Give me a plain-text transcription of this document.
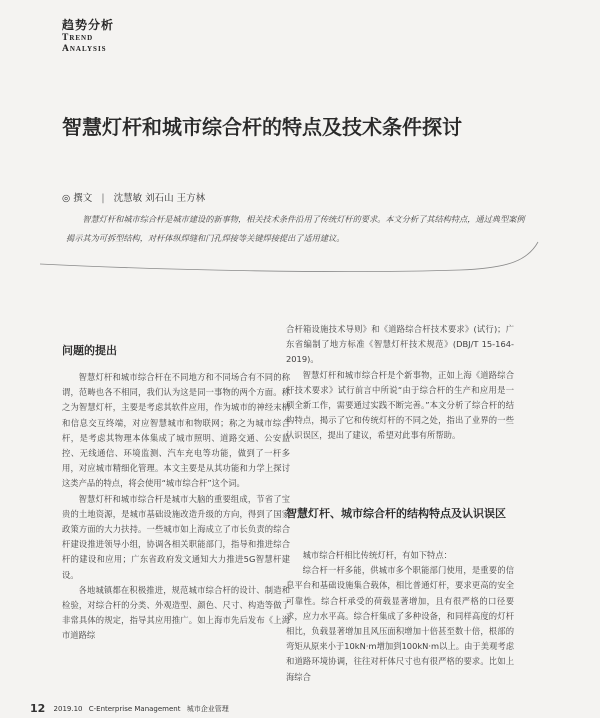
趋势分析
Trend
Analysis
智慧灯杆和城市综合杆的特点及技术条件探讨
◎ 撰文 | 沈慧敏 刘石山 王方林

智慧灯杆和城市综合杆是城市建设的新事物，相关技术条件沿用了传统灯杆的要求。本文分析了其结构特点，通过典型案例揭示其为可拆型结构，对杆体纵焊缝和门孔焊接等关键焊接提出了适用建议。

问题的提出

智慧灯杆和城市综合杆在不同地方和不同场合有不同的称谓，范畴也各不相同，我们认为这是同一事物的两个方面。称之为智慧灯杆，主要是考虑其软件应用，作为城市的神经末梢和信息交互终端，对应智慧城市和物联网；称之为城市综合杆，是考虑其物理本体集成了城市照明、道路交通、公安监控、无线通信、环境监测、汽车充电等功能，做到了一杆多用，对应城市精细化管理。本文主要是从其功能和力学上探讨这类产品的特点，将会使用“城市综合杆”这个词。

智慧灯杆和城市综合杆是城市大脑的重要组成，节省了宝贵的土地资源，是城市基础设施改造升级的方向，得到了国家政策方面的大力扶持。一些城市如上海成立了市长负责的综合杆建设推进领导小组，协调各相关职能部门，指导和推进综合杆的建设和应用；广东省政府发文通知大力推进5G智慧杆建设。

各地城镇都在积极推进，规范城市综合杆的设计、制造和检验，对综合杆的分类、外观造型、颜色、尺寸、构造等做了非常具体的规定，指导其应用推广。如上海市先后发布《上海市道路综

合杆箱设施技术导则》和《道路综合杆技术要求》(试行)；广东省编制了地方标准《智慧灯杆技术规范》(DBJ/T 15-164-2019)。

智慧灯杆和城市综合杆是个新事物，正如上海《道路综合杆技术要求》试行前言中所说“由于综合杆的生产和应用是一项全新工作，需要通过实践不断完善。”本文分析了综合杆的结构特点，揭示了它和传统灯杆的不同之处，指出了业界的一些认识误区，提出了建议，希望对此事有所帮助。

智慧灯杆、城市综合杆的结构特点及认识误区

城市综合杆相比传统灯杆，有如下特点：

综合杆一杆多能，供城市多个职能部门使用，是重要的信息平台和基础设施集合载体，相比普通灯杆，要求更高的安全可靠性。综合杆承受的荷载显著增加，且有很严格的口径要求，应力水平高。综合杆集成了多种设备，和同样高度的灯杆相比，负载显著增加且风压面积增加十倍甚至数十倍，根部的弯矩从原来小于10kN·m增加到100kN·m以上。由于美观考虑和道路环境协调，往往对杆体尺寸也有很严格的要求。比如上海综合

12 2019.10 C-Enterprise Management 城市企业管理
